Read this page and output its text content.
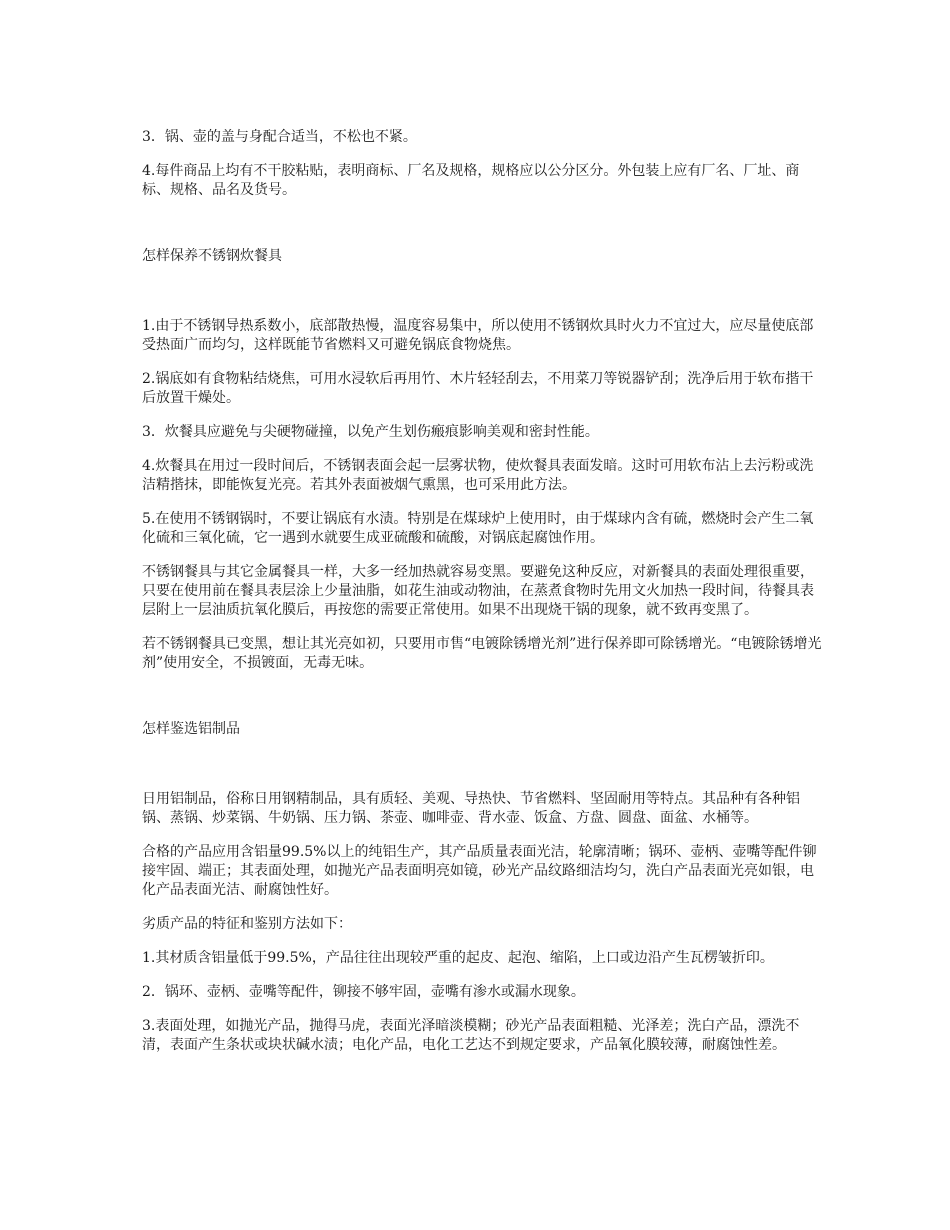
3．锅、壶的盖与身配合适当，不松也不紧。

4.每件商品上均有不干胶粘贴，表明商标、厂名及规格，规格应以公分区分。外包装上应有厂名、厂址、商标、规格、品名及货号。

怎样保养不锈钢炊餐具

1.由于不锈钢导热系数小，底部散热慢，温度容易集中，所以使用不锈钢炊具时火力不宜过大，应尽量使底部受热面广而均匀，这样既能节省燃料又可避免锅底食物烧焦。

2.锅底如有食物粘结烧焦，可用水浸软后再用竹、木片轻轻刮去，不用菜刀等锐器铲刮；洗净后用于软布揩干后放置干燥处。

3．炊餐具应避免与尖硬物碰撞，以免产生划伤瘢痕影响美观和密封性能。

4.炊餐具在用过一段时间后，不锈钢表面会起一层雾状物，使炊餐具表面发暗。这时可用软布沾上去污粉或洗洁精揩抹，即能恢复光亮。若其外表面被烟气熏黑，也可采用此方法。

5.在使用不锈钢锅时，不要让锅底有水渍。特别是在煤球炉上使用时，由于煤球内含有硫，燃烧时会产生二氧化硫和三氧化硫，它一遇到水就要生成亚硫酸和硫酸，对锅底起腐蚀作用。

不锈钢餐具与其它金属餐具一样，大多一经加热就容易变黑。要避免这种反应，对新餐具的表面处理很重要，只要在使用前在餐具表层涂上少量油脂，如花生油或动物油，在蒸煮食物时先用文火加热一段时间，待餐具表层附上一层油质抗氧化膜后，再按您的需要正常使用。如果不出现烧干锅的现象，就不致再变黑了。

若不锈钢餐具已变黑，想让其光亮如初，只要用市售“电镀除锈增光剂”进行保养即可除锈增光。“电镀除锈增光剂”使用安全，不损镀面，无毒无味。

怎样鉴选铝制品

日用铝制品，俗称日用钢精制品，具有质轻、美观、导热快、节省燃料、坚固耐用等特点。其品种有各种铝锅、蒸锅、炒菜锅、牛奶锅、压力锅、茶壶、咖啡壶、背水壶、饭盒、方盘、圆盘、面盆、水桶等。

合格的产品应用含铝量99.5%以上的纯铝生产，其产品质量表面光洁，轮廓清晰；锅环、壶柄、壶嘴等配件铆接牢固、端正；其表面处理，如抛光产品表面明亮如镜，砂光产品纹路细洁均匀，洗白产品表面光亮如银，电化产品表面光洁、耐腐蚀性好。

劣质产品的特征和鉴别方法如下：

1.其材质含铝量低于99.5%，产品往往出现较严重的起皮、起泡、缩陷，上口或边沿产生瓦楞皱折印。

2．锅环、壶柄、壶嘴等配件，铆接不够牢固，壶嘴有渗水或漏水现象。

3.表面处理，如抛光产品，抛得马虎，表面光泽暗淡模糊；砂光产品表面粗糙、光泽差；洗白产品，漂洗不清，表面产生条状或块状碱水渍；电化产品，电化工艺达不到规定要求，产品氧化膜较薄，耐腐蚀性差。
